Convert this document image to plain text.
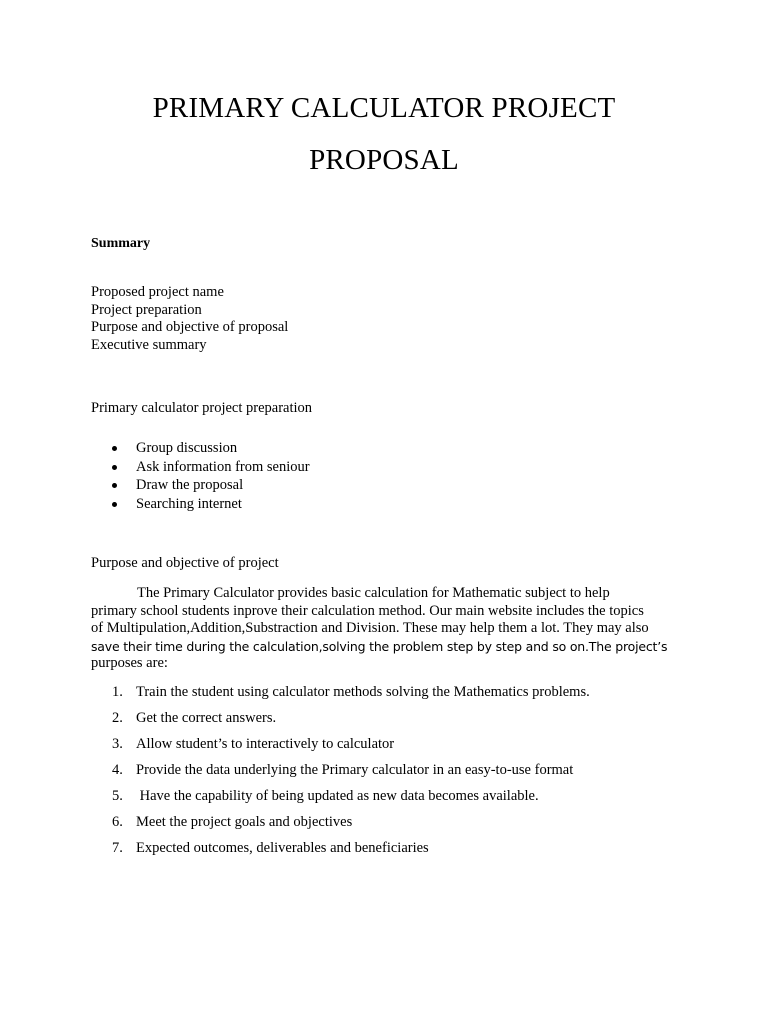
PRIMARY CALCULATOR PROJECT
PROPOSAL
Summary
Proposed project name
Project preparation
Purpose and objective of proposal
Executive summary

Primary calculator project preparation

Group discussion
Ask information from seniour
Draw the proposal
Searching internet

Purpose and objective of project

The Primary Calculator provides basic calculation for Mathematic subject to help
primary school students inprove their calculation method. Our main website includes the topics
of Multipulation,Addition,Substraction and Division. These may help them a lot. They may also
save their time during the calculation,solving the problem step by step and so on.The project’s
purposes are:
1. Train the student using calculator methods solving the Mathematics problems.
2. Get the correct answers.
3. Allow student’s to interactively to calculator
4. Provide the data underlying the Primary calculator in an easy-to-use format
5. Have the capability of being updated as new data becomes available.
6. Meet the project goals and objectives
7. Expected outcomes, deliverables and beneficiaries
